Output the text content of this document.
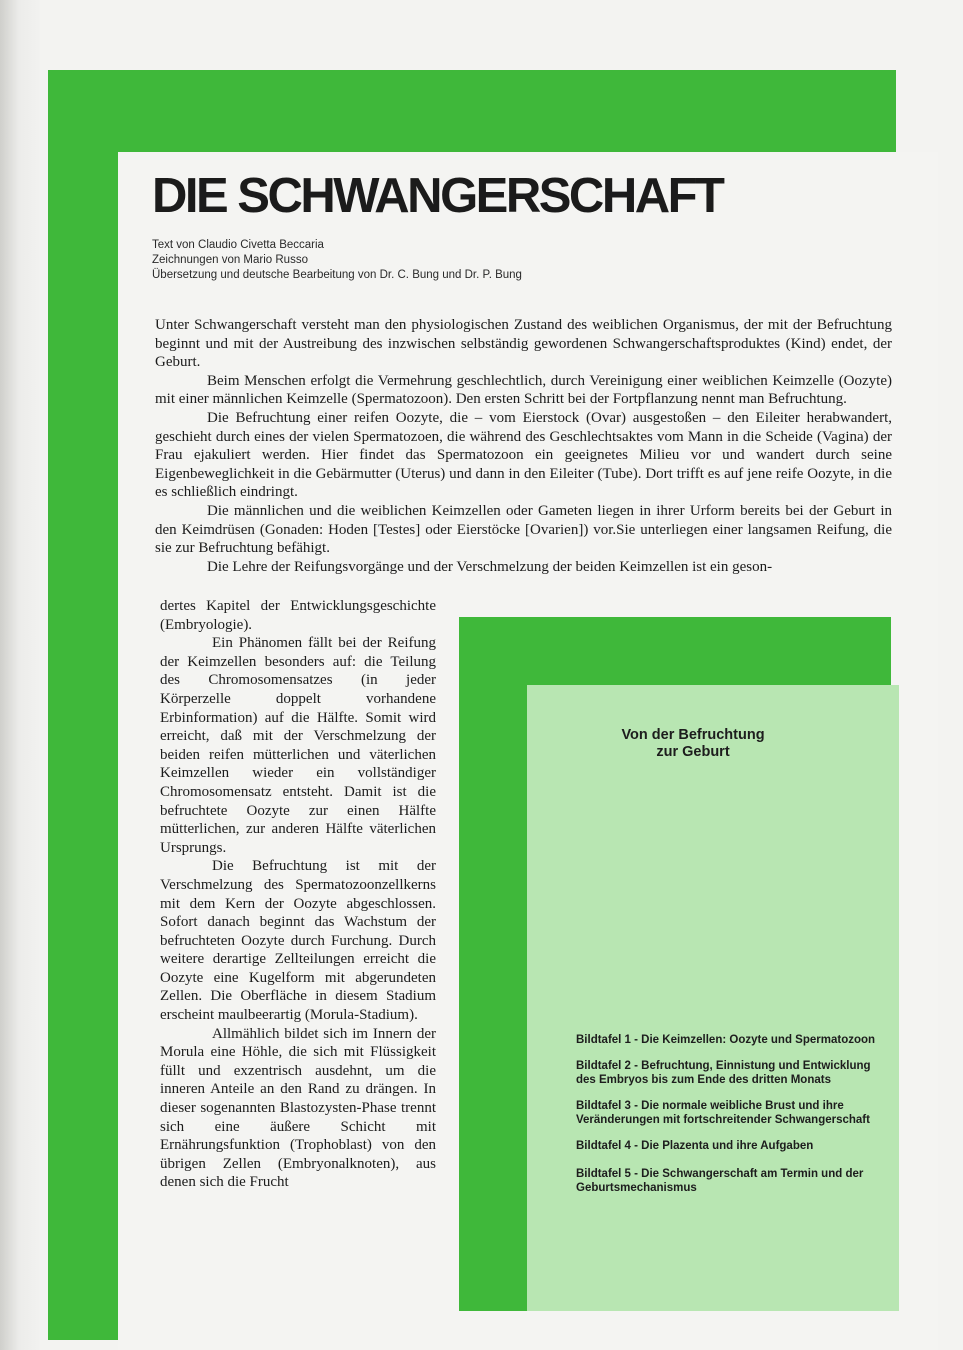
DIE SCHWANGERSCHAFT
Text von Claudio Civetta Beccaria
Zeichnungen von Mario Russo
Übersetzung und deutsche Bearbeitung von Dr. C. Bung und Dr. P. Bung

Unter Schwangerschaft versteht man den physiologischen Zustand des weiblichen Organismus, der mit der Befruchtung beginnt und mit der Austreibung des inzwischen selbständig gewordenen Schwangerschaftsproduktes (Kind) endet, der Geburt.

Beim Menschen erfolgt die Vermehrung geschlechtlich, durch Vereinigung einer weiblichen Keimzelle (Oozyte) mit einer männlichen Keimzelle (Spermatozoon). Den ersten Schritt bei der Fortpflanzung nennt man Befruchtung.

Die Befruchtung einer reifen Oozyte, die – vom Eierstock (Ovar) ausgestoßen – den Eileiter herabwandert, geschieht durch eines der vielen Spermatozoen, die während des Geschlechtsaktes vom Mann in die Scheide (Vagina) der Frau ejakuliert werden. Hier findet das Spermatozoon ein geeignetes Milieu vor und wandert durch seine Eigenbeweglichkeit in die Gebärmutter (Uterus) und dann in den Eileiter (Tube). Dort trifft es auf jene reife Oozyte, in die es schließlich eindringt.

Die männlichen und die weiblichen Keimzellen oder Gameten liegen in ihrer Urform bereits bei der Geburt in den Keimdrüsen (Gonaden: Hoden [Testes] oder Eierstöcke [Ovarien]) vor.Sie unterliegen einer langsamen Reifung, die sie zur Befruchtung befähigt.

Die Lehre der Reifungsvorgänge und der Verschmelzung der beiden Keimzellen ist ein geson-

dertes Kapitel der Entwicklungsgeschichte (Embryologie).

Ein Phänomen fällt bei der Reifung der Keimzellen besonders auf: die Teilung des Chromosomensatzes (in jeder Körperzelle doppelt vorhandene Erbinformation) auf die Hälfte. Somit wird erreicht, daß mit der Verschmelzung der beiden reifen mütterlichen und väterlichen Keimzellen wieder ein vollständiger Chromosomensatz entsteht. Damit ist die befruchtete Oozyte zur einen Hälfte mütterlichen, zur anderen Hälfte väterlichen Ursprungs.

Die Befruchtung ist mit der Verschmelzung des Spermatozoonzellkerns mit dem Kern der Oozyte abgeschlossen. Sofort danach beginnt das Wachstum der befruchteten Oozyte durch Furchung. Durch weitere derartige Zellteilungen erreicht die Oozyte eine Kugelform mit abgerundeten Zellen. Die Oberfläche in diesem Stadium erscheint maulbeerartig (Morula-Stadium).

Allmählich bildet sich im Innern der Morula eine Höhle, die sich mit Flüssigkeit füllt und exzentrisch ausdehnt, um die inneren Anteile an den Rand zu drängen. In dieser sogenannten Blastozysten-Phase trennt sich eine äußere Schicht mit Ernährungsfunktion (Trophoblast) von den übrigen Zellen (Embryonalknoten), aus denen sich die Frucht

Von der Befruchtung
zur Geburt
Bildtafel 1 - Die Keimzellen: Oozyte und Spermatozoon
Bildtafel 2 - Befruchtung, Einnistung und Entwicklung des Embryos bis zum Ende des dritten Monats
Bildtafel 3 - Die normale weibliche Brust und ihre Veränderungen mit fortschreitender Schwangerschaft
Bildtafel 4 - Die Plazenta und ihre Aufgaben
Bildtafel 5 - Die Schwangerschaft am Termin und der Geburtsmechanismus
